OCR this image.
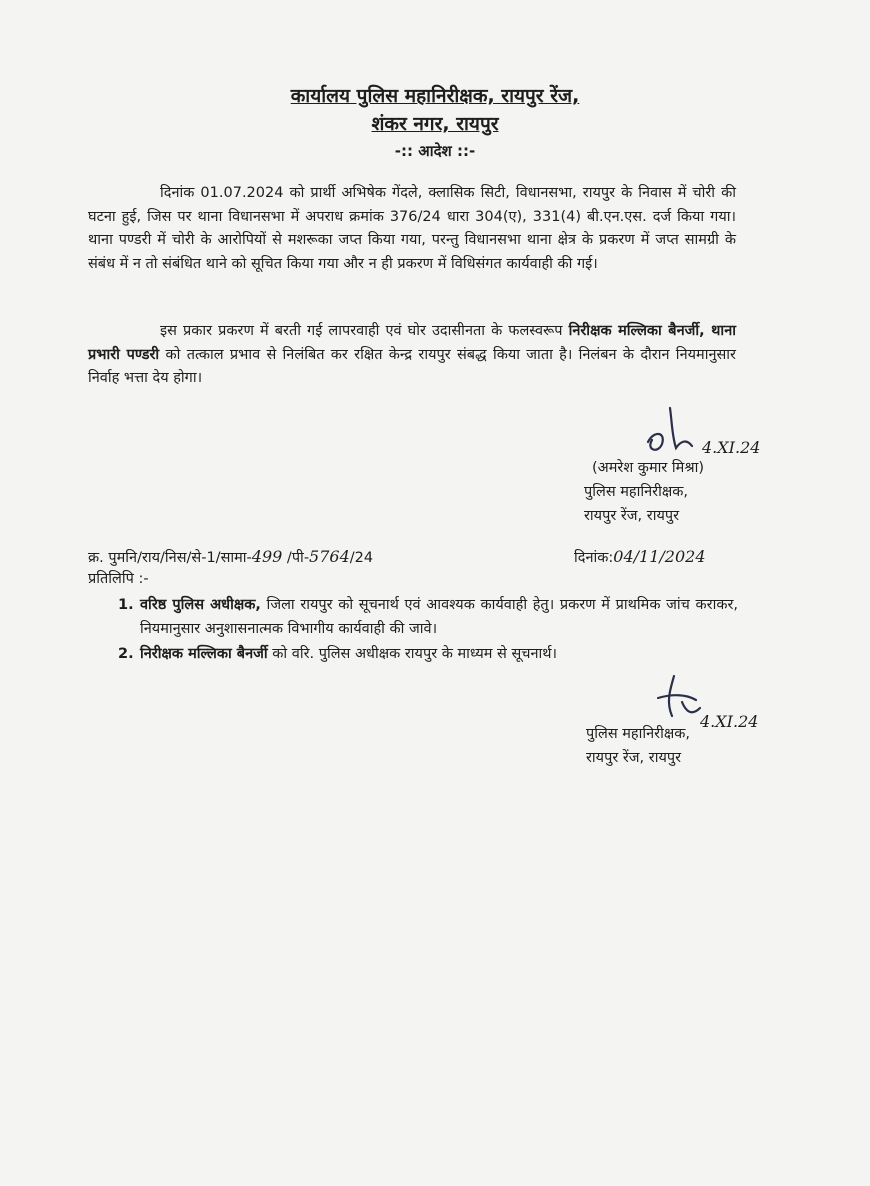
कार्यालय पुलिस महानिरीक्षक, रायपुर रेंज,
शंकर नगर, रायपुर
-:: आदेश ::-
दिनांक 01.07.2024 को प्रार्थी अभिषेक गेंदले, क्लासिक सिटी, विधानसभा, रायपुर के निवास में चोरी की घटना हुई, जिस पर थाना विधानसभा में अपराध क्रमांक 376/24 धारा 304(ए), 331(4) बी.एन.एस. दर्ज किया गया। थाना पण्डरी में चोरी के आरोपियों से मशरूका जप्त किया गया, परन्तु विधानसभा थाना क्षेत्र के प्रकरण में जप्त सामग्री के संबंध में न तो संबंधित थाने को सूचित किया गया और न ही प्रकरण में विधिसंगत कार्यवाही की गई।
इस प्रकार प्रकरण में बरती गई लापरवाही एवं घोर उदासीनता के फलस्वरूप निरीक्षक मल्लिका बैनर्जी, थाना प्रभारी पण्डरी को तत्काल प्रभाव से निलंबित कर रक्षित केन्द्र रायपुर संबद्ध किया जाता है। निलंबन के दौरान नियमानुसार निर्वाह भत्ता देय होगा।
4.XI.24
(अमरेश कुमार मिश्रा)
पुलिस महानिरीक्षक,
रायपुर रेंज, रायपुर
क्र. पुमनि/राय/निस/से-1/सामा-499 /पी-5764/24	दिनांक:04/11/2024
प्रतिलिपि :-
1. वरिष्ठ पुलिस अधीक्षक, जिला रायपुर को सूचनार्थ एवं आवश्यक कार्यवाही हेतु। प्रकरण में प्राथमिक जांच कराकर, नियमानुसार अनुशासनात्मक विभागीय कार्यवाही की जावे।
2. निरीक्षक मल्लिका बैनर्जी को वरि. पुलिस अधीक्षक रायपुर के माध्यम से सूचनार्थ।
4.XI.24
पुलिस महानिरीक्षक,
रायपुर रेंज, रायपुर
